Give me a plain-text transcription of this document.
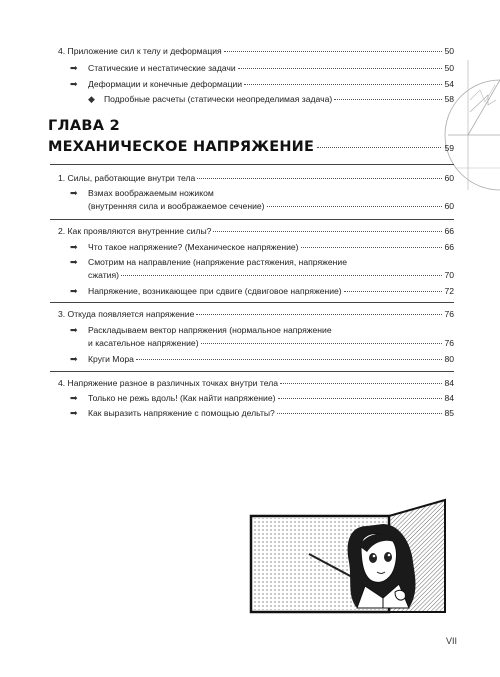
4. Приложение сил к телу и деформация	50
➡ Статические и нестатические задачи	50
➡ Деформации и конечные деформации	54
◆ Подробные расчеты (статически неопределимая задача)	58
ГЛАВА 2
МЕХАНИЧЕСКОЕ НАПРЯЖЕНИЕ	59
1. Силы, работающие внутри тела	60
➡ Взмах воображаемым ножиком
(внутренняя сила и воображаемое сечение)	60
2. Как проявляются внутренние силы?	66
➡ Что такое напряжение? (Механическое напряжение)	66
➡ Смотрим на направление (напряжение растяжения, напряжение
сжатия)	70
➡ Напряжение, возникающее при сдвиге (сдвиговое напряжение)	72
3. Откуда появляется напряжение	76
➡ Раскладываем вектор напряжения (нормальное напряжение
и касательное напряжение)	76
➡ Круги Мора	80
4. Напряжение разное в различных точках внутри тела	84
➡ Только не режь вдоль! (Как найти напряжение)	84
➡ Как выразить напряжение с помощью дельты?	85
VII
